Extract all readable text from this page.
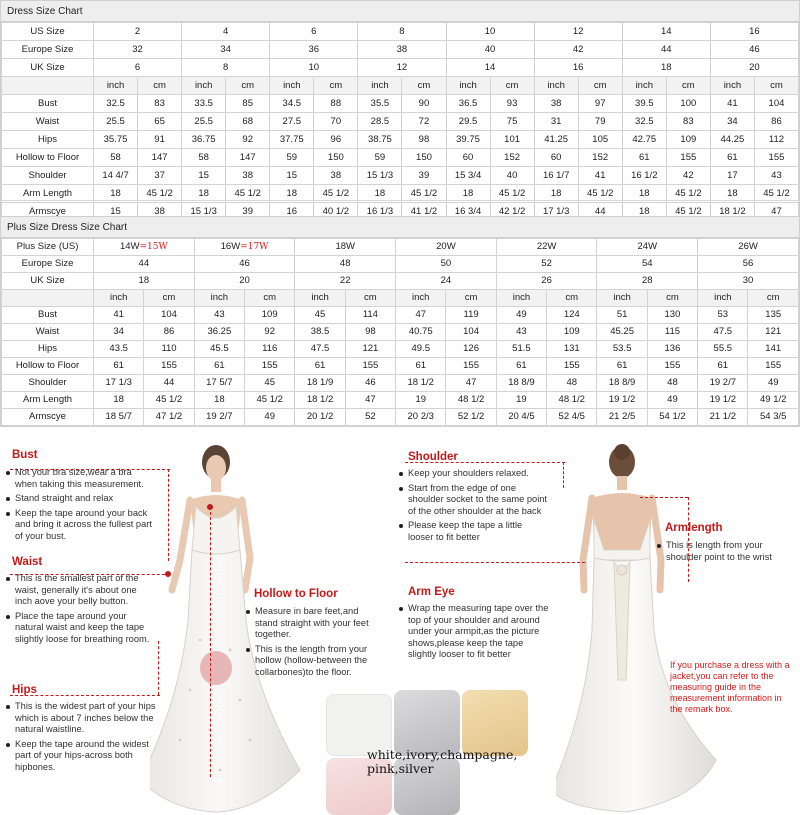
Dress Size Chart
US Size	2		4		6		8		10		12		14		16	
Europe Size	32		34		36		38		40		42		44		46	
UK Size	6		8		10		12		14		16		18		20	
	inch	cm	inch	cm	inch	cm	inch	cm	inch	cm	inch	cm	inch	cm	inch	cm
Bust	32.5	83	33.5	85	34.5	88	35.5	90	36.5	93	38	97	39.5	100	41	104
Waist	25.5	65	25.5	68	27.5	70	28.5	72	29.5	75	31	79	32.5	83	34	86
Hips	35.75	91	36.75	92	37.75	96	38.75	98	39.75	101	41.25	105	42.75	109	44.25	112
Hollow to Floor	58	147	58	147	59	150	59	150	60	152	60	152	61	155	61	155
Shoulder	14 4/7	37	15	38	15	38	15 1/3	39	15 3/4	40	16 1/7	41	16 1/2	42	17	43
Arm Length	18	45 1/2	18	45 1/2	18	45 1/2	18	45 1/2	18	45 1/2	18	45 1/2	18	45 1/2	18	45 1/2
Armscye	15	38	15 1/3	39	16	40 1/2	16 1/3	41 1/2	16 3/4	42 1/2	17 1/3	44	18	45 1/2	18 1/2	47
Plus Size Dress Size Chart
Plus Size (US)	14W=15W		16W=17W		18W		20W		22W		24W		26W	
Europe Size	44		46		48		50		52		54		56	
UK Size	18		20		22		24		26		28		30	
	inch	cm	inch	cm	inch	cm	inch	cm	inch	cm	inch	cm	inch	cm
Bust	41	104	43	109	45	114	47	119	49	124	51	130	53	135
Waist	34	86	36.25	92	38.5	98	40.75	104	43	109	45.25	115	47.5	121
Hips	43.5	110	45.5	116	47.5	121	49.5	126	51.5	131	53.5	136	55.5	141
Hollow to Floor	61	155	61	155	61	155	61	155	61	155	61	155	61	155
Shoulder	17 1/3	44	17 5/7	45	18 1/9	46	18 1/2	47	18 8/9	48	18 8/9	48	19 2/7	49
Arm Length	18	45 1/2	18	45 1/2	18 1/2	47	19	48 1/2	19	48 1/2	19 1/2	49	19 1/2	49 1/2
Armscye	18 5/7	47 1/2	19 2/7	49	20 1/2	52	20 2/3	52 1/2	20 4/5	52 4/5	21 2/5	54 1/2	21 1/2	54 3/5
Bust
Not your bra size,wear a bra when taking this measurement.
Stand straight and relax
Keep the tape around your back and bring it across the fullest part of your bust.
Waist
This is the smallest part of the waist, generally it's about one inch aove your belly button.
Place the tape around your natural waist and keep the tape slightly loose for breathing room.
Hips
This is the widest part of your hips which is about 7 inches below the natural waistline.
Keep the tape around the widest part of your hips-across both hipbones.
Hollow to Floor
Measure in bare feet,and stand straight with your feet together.
This is the length from your hollow (hollow-between the collarbones)to the floor.
Shoulder
Keep your shoulders relaxed.
Start from the edge of one shoulder socket to the same point of the other shoulder at the back
Please keep the tape a little looser to fit better
Armlength
This is length from your shoulder point to the wrist
Arm Eye
Wrap the measuring tape over the top of your shoulder and around under your armpit,as the picture shows,please keep the tape slightly looser to fit better
white,ivory,champagne, pink,silver
If you purchase a dress with a jacket,you can refer to the measuring guide in the measurement information in the remark box.
